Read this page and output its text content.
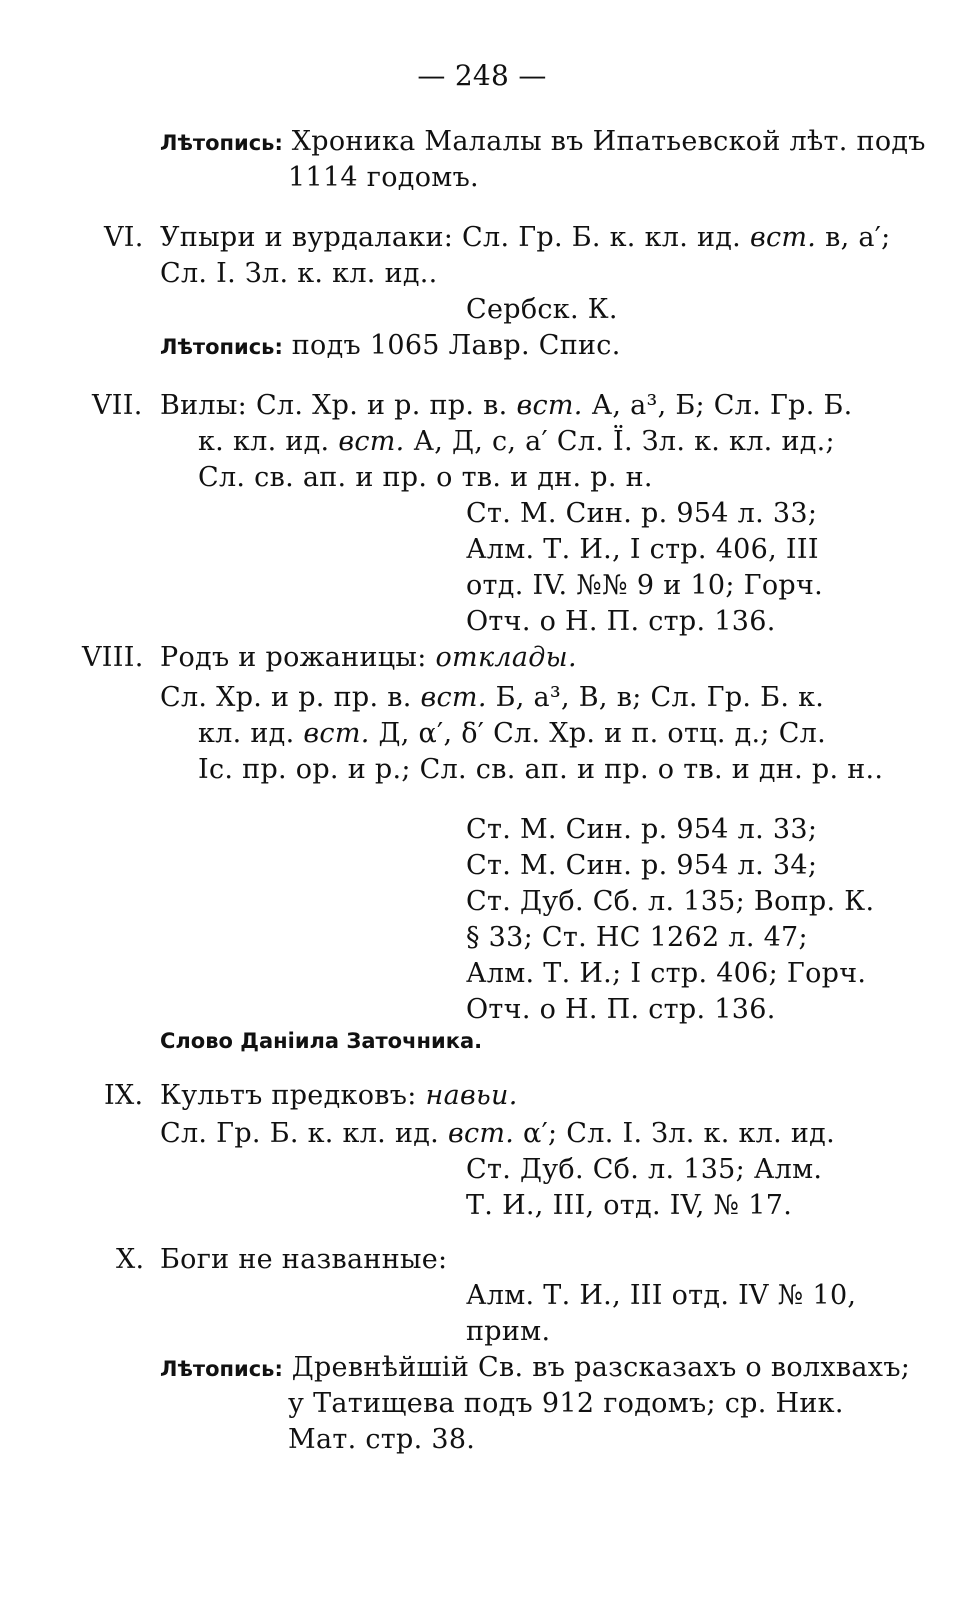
— 248 —
Лѣтопись: Хроника Малалы въ Ипатьевской лѣт. подъ
1114 годомъ.
VI. Упыри и вурдалаки: Сл. Гр. Б. к. кл. ид. вст. в, а′;
Сл. І. Зл. к. кл. ид..
Сербск. К.
Лѣтопись: подъ 1065 Лавр. Спис.
VII. Вилы: Сл. Хр. и р. пр. в. вст. А, а³, Б; Сл. Гр. Б.
к. кл. ид. вст. А, Д, с, а′ Сл. Ї. Зл. к. кл. ид.;
Сл. св. ап. и пр. о тв. и дн. р. н.
Ст. М. Син. р. 954 л. 33;
Алм. Т. И., I стр. 406, III
отд. IV. №№ 9 и 10; Горч.
Отч. о Н. П. стр. 136.
VIII. Родъ и рожаницы: отклады.
Сл. Хр. и р. пр. в. вст. Б, а³, В, в; Сл. Гр. Б. к.
кл. ид. вст. Д, α′, δ′ Сл. Хр. и п. отц. д.; Сл.
Іс. пр. ор. и р.; Сл. св. ап. и пр. о тв. и дн. р. н..
Ст. М. Син. р. 954 л. 33;
Ст. М. Син. р. 954 л. 34;
Ст. Дуб. Сб. л. 135; Вопр. К.
§ 33; Ст. НС 1262 л. 47;
Алм. Т. И.; I стр. 406; Горч.
Отч. о Н. П. стр. 136.
Слово Даніила Заточника.
IX. Культъ предковъ: навьи.
Сл. Гр. Б. к. кл. ид. вст. α′; Сл. І. Зл. к. кл. ид.
Ст. Дуб. Сб. л. 135; Алм.
Т. И., III, отд. IV, № 17.
X. Боги не названные:
Алм. Т. И., III отд. IV № 10,
прим.
Лѣтопись: Древнѣйшій Св. въ разсказахъ о волхвахъ;
у Татищева подъ 912 годомъ; ср. Ник.
Мат. стр. 38.
